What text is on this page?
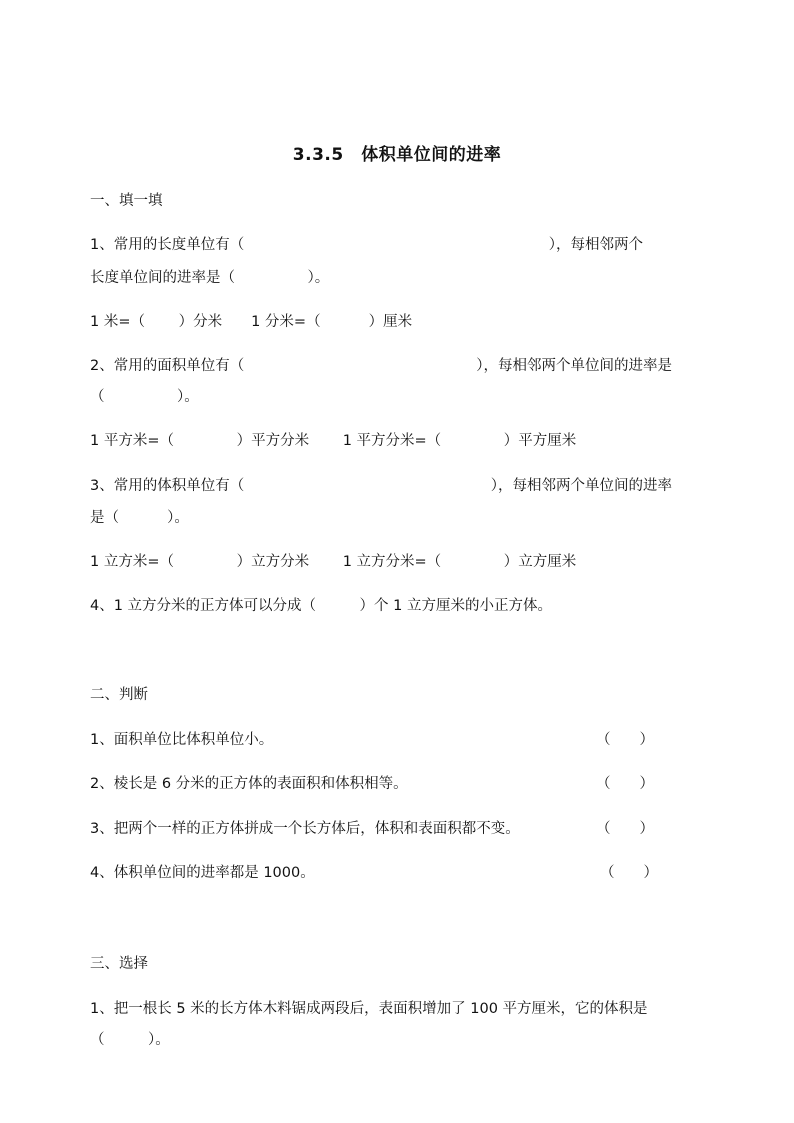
3.3.5　体积单位间的进率
一、填一填
1、常用的长度单位有（　　　　　　　　　　　　　　　　　　　　　），每相邻两个
长度单位间的进率是（　　　　　）。
1 米=（　　 ）分米　　1 分米=（　　　 ）厘米
2、常用的面积单位有（　　　　　　　　　　　　　　　　），每相邻两个单位间的进率是
（　　　　　）。
1 平方米=（　　　　 ）平方分米　　 1 平方分米=（　　　　 ）平方厘米
3、常用的体积单位有（　　　　　　　　　　　　　　　　　），每相邻两个单位间的进率
是（　　　 ）。
1 立方米=（　　　　 ）立方分米　　 1 立方分米=（　　　　 ）立方厘米
4、1 立方分米的正方体可以分成（　　　）个 1 立方厘米的小正方体。
二、判断
1、面积单位比体积单位小。	（　　）
2、棱长是 6 分米的正方体的表面积和体积相等。	（　　）
3、把两个一样的正方体拼成一个长方体后，体积和表面积都不变。	（　　）
4、体积单位间的进率都是 1000。	（　　）
三、选择
1、把一根长 5 米的长方体木料锯成两段后，表面积增加了 100 平方厘米，它的体积是
（　　　）。
